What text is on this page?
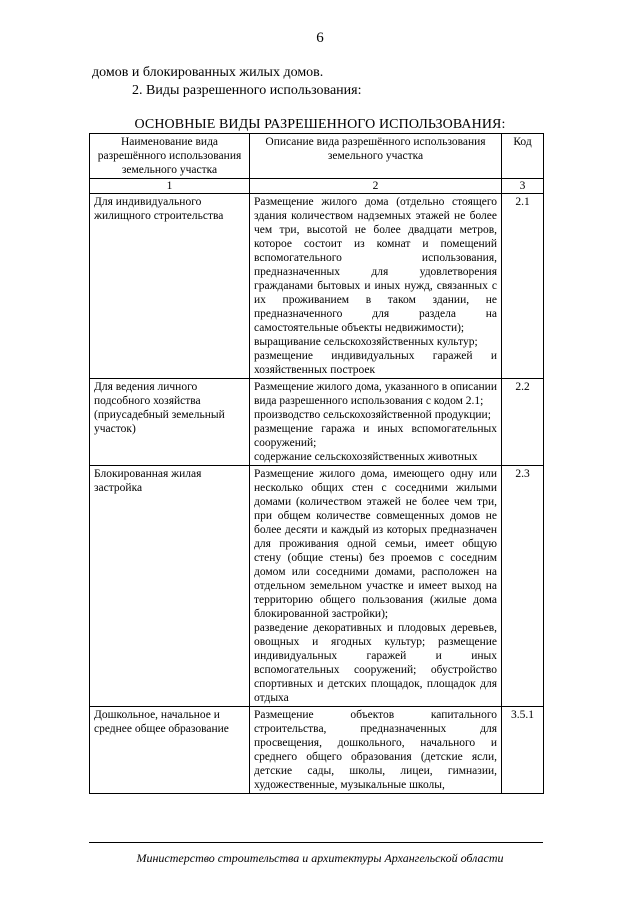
6
домов и блокированных жилых домов.
2. Виды разрешенного использования:
ОСНОВНЫЕ ВИДЫ РАЗРЕШЕННОГО ИСПОЛЬЗОВАНИЯ:
Наименование вида разрешённого использования земельного участка	Описание вида разрешённого использования земельного участка	Код
1	2	3
Для индивидуального жилищного строительства	Размещение жилого дома (отдельно стоящего здания количеством надземных этажей не более чем три, высотой не более двадцати метров, которое состоит из комнат и помещений вспомогательного использования, предназначенных для удовлетворения гражданами бытовых и иных нужд, связанных с их проживанием в таком здании, не предназначенного для раздела на самостоятельные объекты недвижимости);
выращивание сельскохозяйственных культур;
размещение индивидуальных гаражей и хозяйственных построек	2.1
Для ведения личного подсобного хозяйства (приусадебный земельный участок)	Размещение жилого дома, указанного в описании вида разрешенного использования с кодом 2.1;
производство сельскохозяйственной продукции;
размещение гаража и иных вспомогательных сооружений;
содержание сельскохозяйственных животных	2.2
Блокированная жилая застройка	Размещение жилого дома, имеющего одну или несколько общих стен с соседними жилыми домами (количеством этажей не более чем три, при общем количестве совмещенных домов не более десяти и каждый из которых предназначен для проживания одной семьи, имеет общую стену (общие стены) без проемов с соседним домом или соседними домами, расположен на отдельном земельном участке и имеет выход на территорию общего пользования (жилые дома блокированной застройки);
разведение декоративных и плодовых деревьев, овощных и ягодных культур; размещение индивидуальных гаражей и иных вспомогательных сооружений; обустройство спортивных и детских площадок, площадок для отдыха	2.3
Дошкольное, начальное и среднее общее образование	Размещение объектов капитального строительства, предназначенных для просвещения, дошкольного, начального и среднего общего образования (детские ясли, детские сады, школы, лицеи, гимназии, художественные, музыкальные школы,	3.5.1
Министерство строительства и архитектуры Архангельской области
